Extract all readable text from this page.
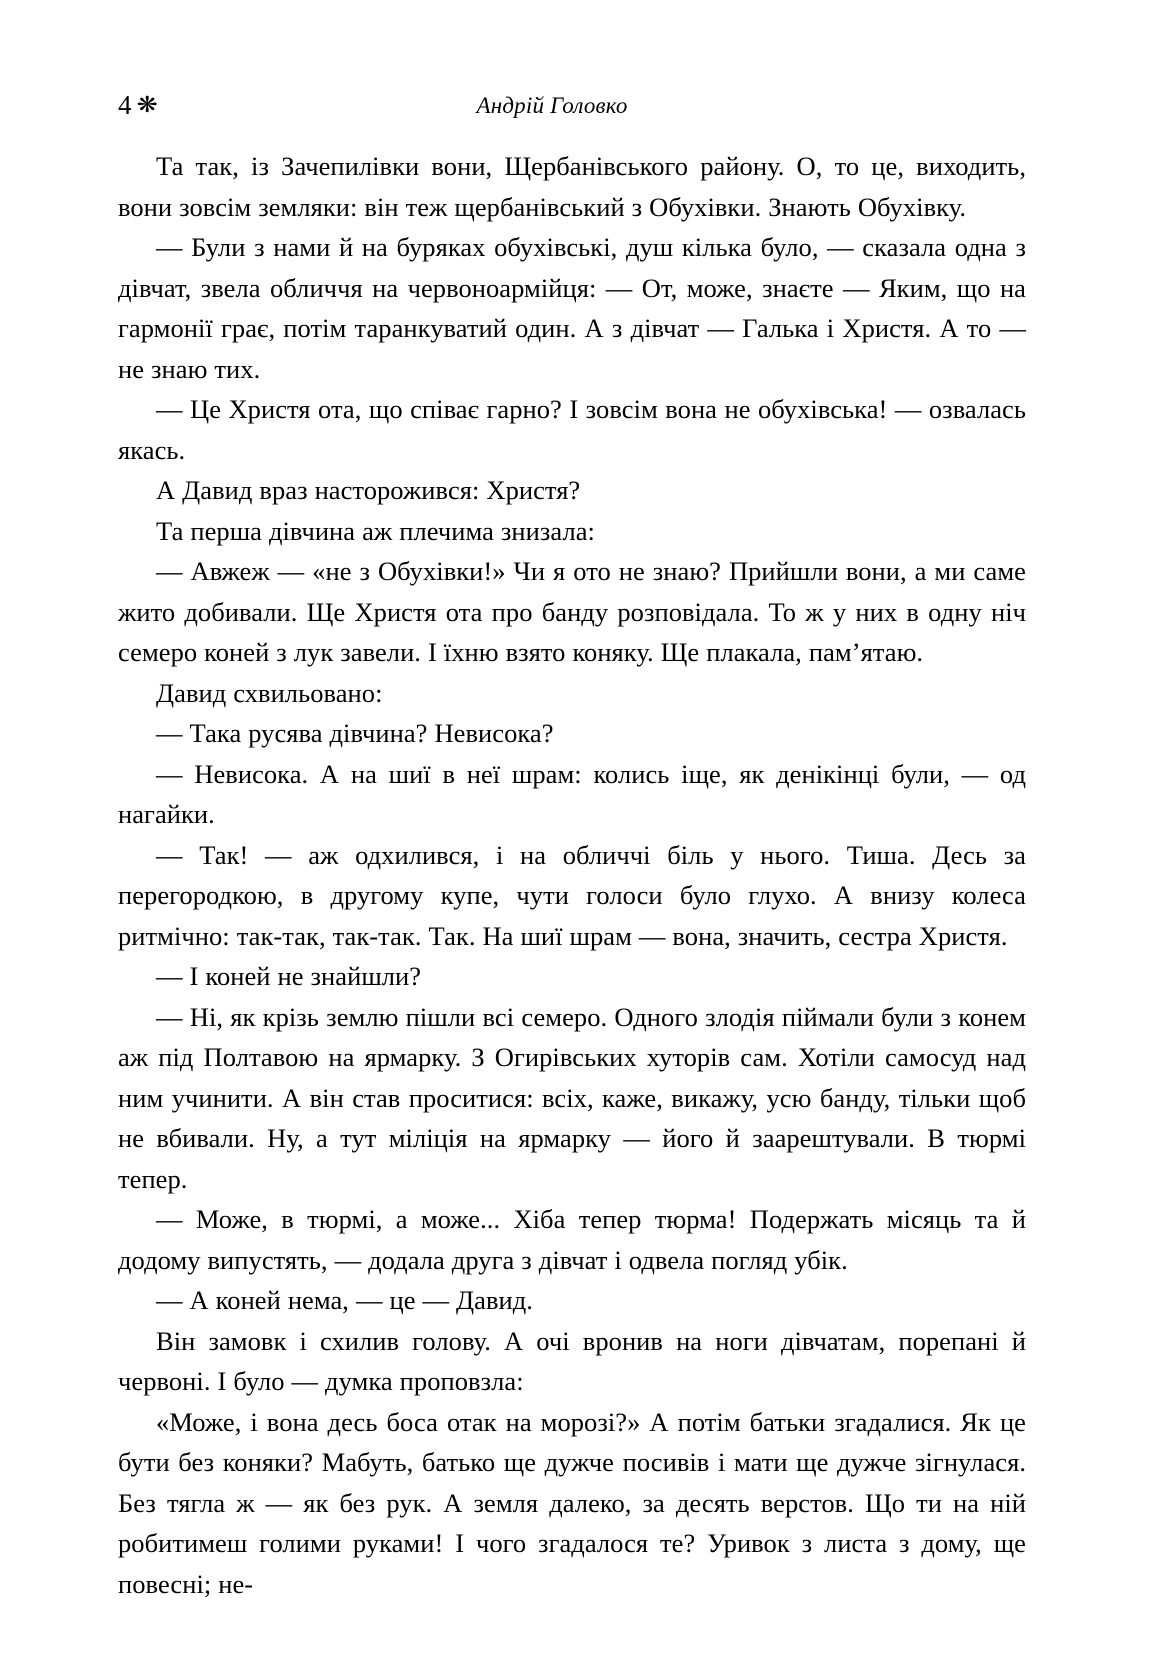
4 ❋	Андрій Головко

Та так, із Зачепилівки вони, Щербанівського району. О, то це, виходить, вони зовсім земляки: він теж щербанівський з Обухівки. Знають Обухівку.

— Були з нами й на буряках обухівські, душ кілька було, — сказала одна з дівчат, звела обличчя на червоноармійця: — От, може, знаєте — Яким, що на гармонії грає, потім таранкуватий один. А з дівчат — Галька і Христя. А то — не знаю тих.

— Це Христя ота, що співає гарно? І зовсім вона не обухівська! — озвалась якась.

А Давид враз насторожився: Христя?

Та перша дівчина аж плечима знизала:

— Авжеж — «не з Обухівки!» Чи я ото не знаю? Прийшли вони, а ми саме жито добивали. Ще Христя ота про банду розповідала. То ж у них в одну ніч семеро коней з лук завели. І їхню взято коняку. Ще плакала, пам’ятаю.

Давид схвильовано:

— Така русява дівчина? Невисока?

— Невисока. А на шиї в неї шрам: колись іще, як денікінці були, — од нагайки.

— Так! — аж одхилився, і на обличчі біль у нього. Тиша. Десь за перегородкою, в другому купе, чути голоси було глухо. А внизу колеса ритмічно: так-так, так-так. Так. На шиї шрам — вона, значить, сестра Христя.

— І коней не знайшли?

— Ні, як крізь землю пішли всі семеро. Одного злодія піймали були з конем аж під Полтавою на ярмарку. З Огирівських хуторів сам. Хотіли самосуд над ним учинити. А він став проситися: всіх, каже, викажу, усю банду, тільки щоб не вбивали. Ну, а тут міліція на ярмарку — його й заарештували. В тюрмі тепер.

— Може, в тюрмі, а може... Хіба тепер тюрма! Подержать місяць та й додому випустять, — додала друга з дівчат і одвела погляд убік.

— А коней нема, — це — Давид.

Він замовк і схилив голову. А очі вронив на ноги дівчатам, порепані й червоні. І було — думка проповзла:

«Може, і вона десь боса отак на морозі?» А потім батьки згадалися. Як це бути без коняки? Мабуть, батько ще дужче посивів і мати ще дужче зігнулася. Без тягла ж — як без рук. А земля далеко, за десять верстов. Що ти на ній робитимеш голими руками! І чого згадалося те? Уривок з листа з дому, ще повесні; не-
